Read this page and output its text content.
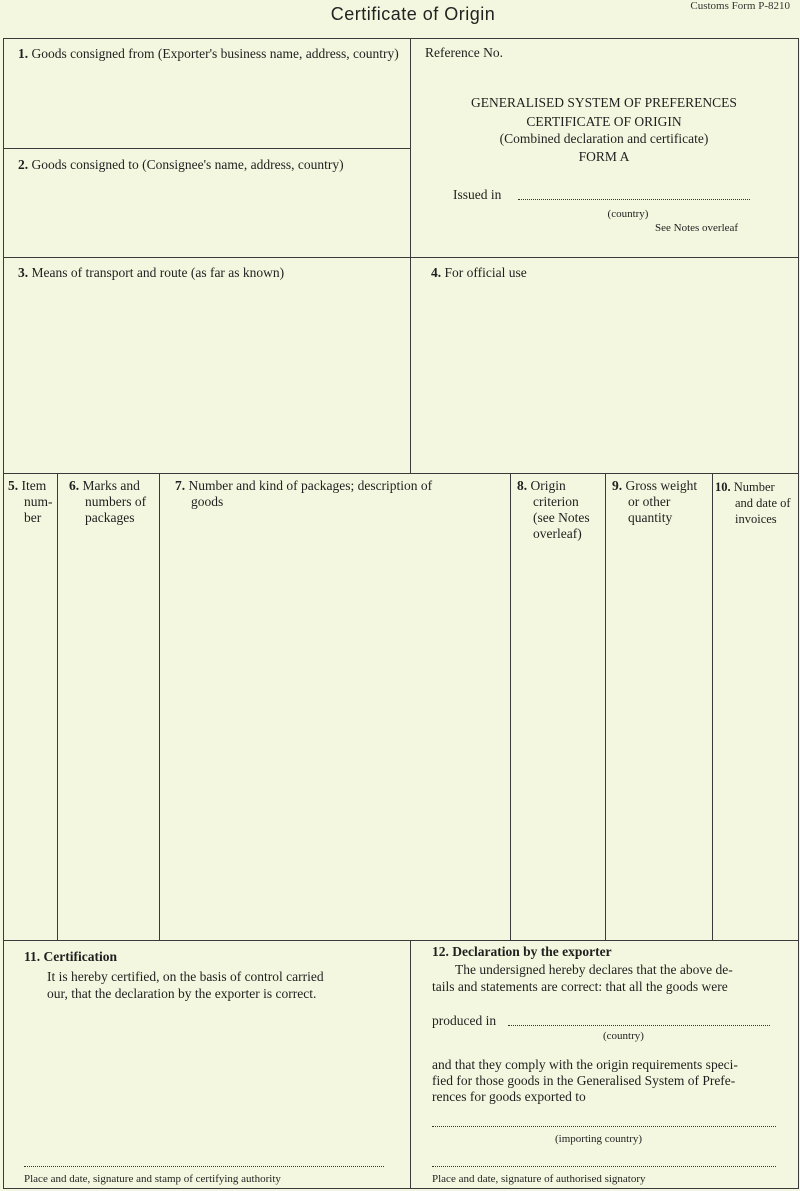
Certificate of Origin	Customs Form P-8210
1. Goods consigned from (Exporter's business name, address, country)
2. Goods consigned to (Consignee's name, address, country)
Reference No.
GENERALISED SYSTEM OF PREFERENCES
CERTIFICATE OF ORIGIN
(Combined declaration and certificate)
FORM A
Issued in
(country)
See Notes overleaf
3. Means of transport and route (as far as known)	4. For official use
5. Item
num-
ber
6. Marks and
numbers of
packages
7. Number and kind of packages; description of
goods
8. Origin
criterion
(see Notes
overleaf)
9. Gross weight
or other
quantity
10. Number
and date of
invoices
11. Certification
It is hereby certified, on the basis of control carried
our, that the declaration by the exporter is correct.
Place and date, signature and stamp of certifying authority
12. Declaration by the exporter
The undersigned hereby declares that the above de-
tails and statements are correct: that all the goods were
produced in
(country)
and that they comply with the origin requirements speci-
fied for those goods in the Generalised System of Prefe-
rences for goods exported to
(importing country)
Place and date, signature of authorised signatory
